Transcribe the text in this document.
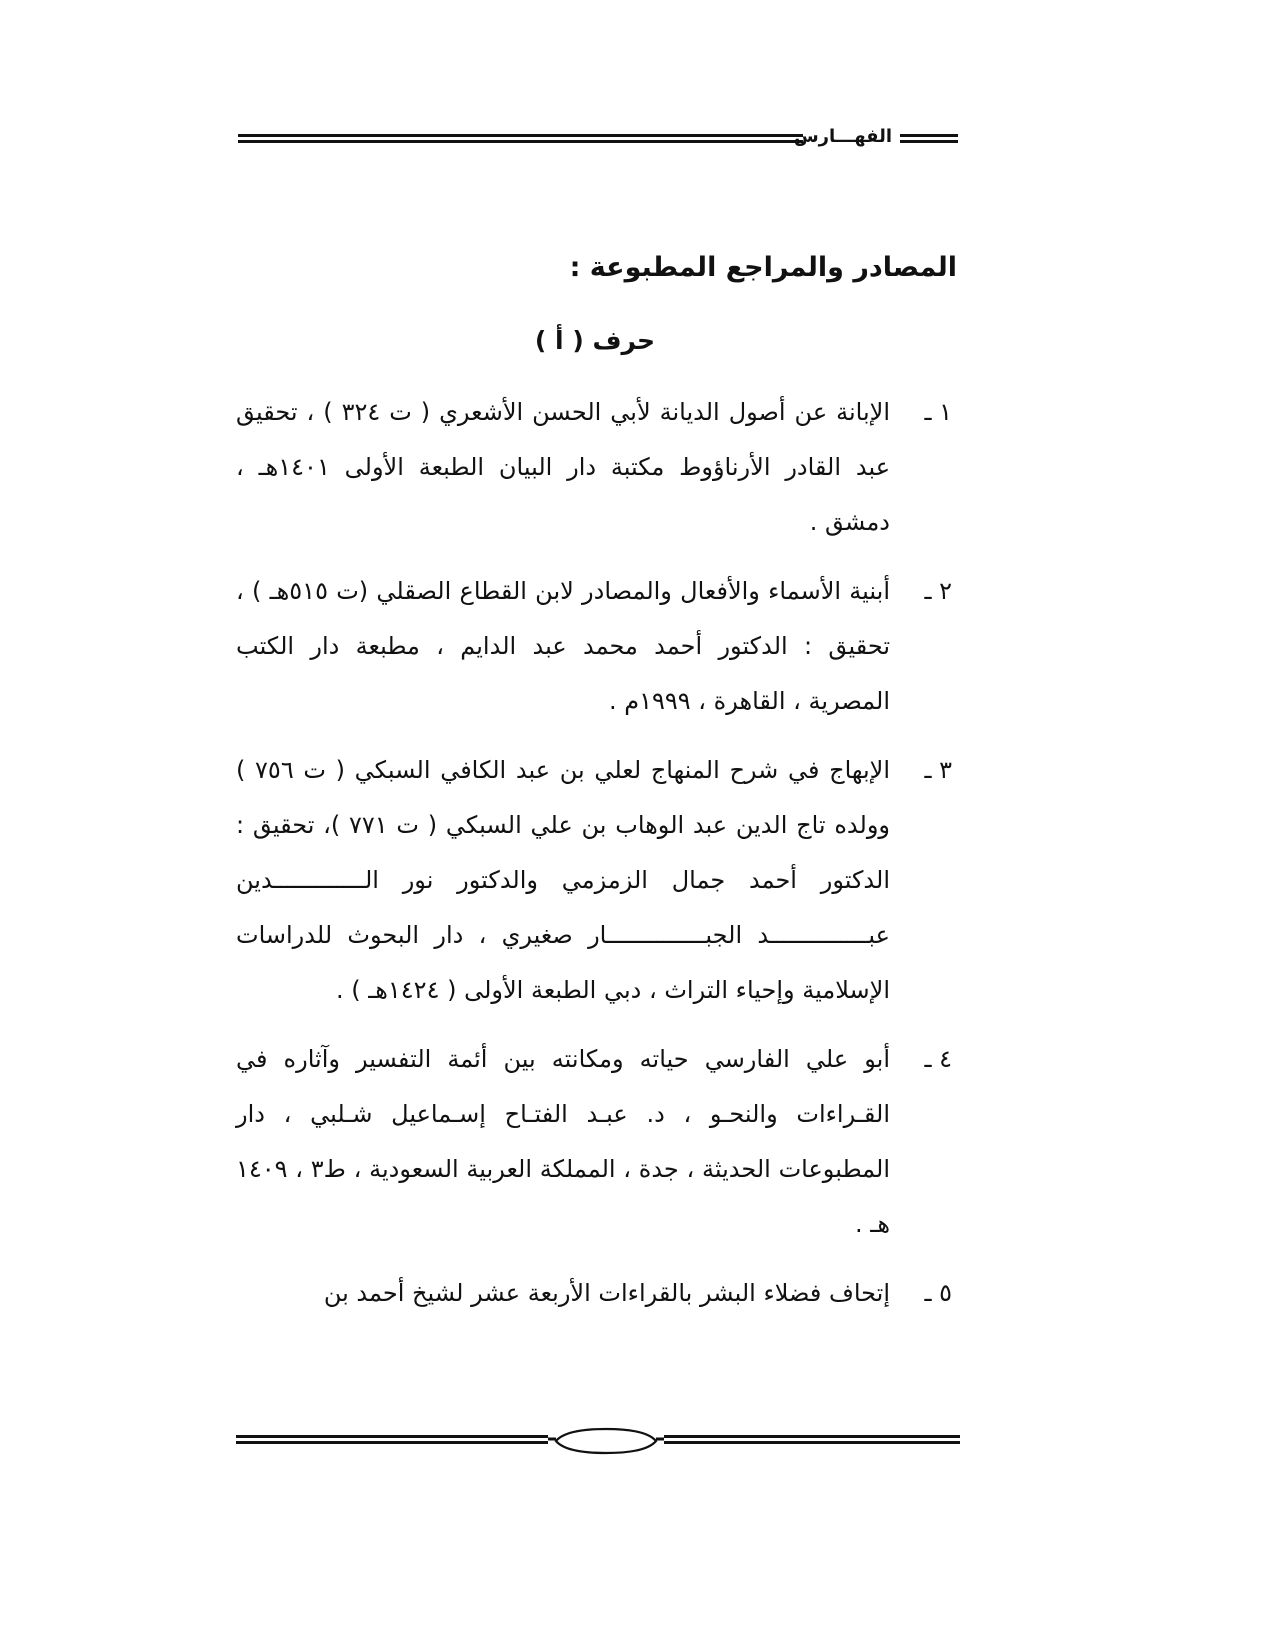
الفهـــارس
المصادر والمراجع المطبوعة :
حرف ( أ )
١ ـ
الإبانة عن أصول الديانة لأبي الحسن الأشعري ( ت ٣٢٤ ) ، تحقيق عبد القادر الأرناؤوط مكتبة دار البيان الطبعة الأولى ١٤٠١هـ ، دمشق .
٢ ـ
أبنية الأسماء والأفعال والمصادر لابن القطاع الصقلي (ت ٥١٥هـ ) ، تحقيق : الدكتور أحمد محمد عبد الدايم ، مطبعة دار الكتب المصرية ، القاهرة ، ١٩٩٩م .
٣ ـ
الإبهاج في شرح المنهاج لعلي بن عبد الكافي السبكي ( ت ٧٥٦ ) وولده تاج الدين عبد الوهاب بن علي السبكي ( ت ٧٧١ )، تحقيق : الدكتور أحمد جمال الزمزمي والدكتور نور الـــــــــــــدين عبــــــــــــــد الجبــــــــــــــار صغيري ، دار البحوث للدراسات الإسلامية وإحياء التراث ، دبي الطبعة الأولى ( ١٤٢٤هـ ) .
٤ ـ
أبو علي الفارسي حياته ومكانته بين أئمة التفسير وآثاره في القـراءات والنحـو ، د. عبـد الفتـاح إسـماعيل شـلبي ، دار المطبوعات الحديثة ، جدة ، المملكة العربية السعودية ، ط٣ ، ١٤٠٩ هـ .
٥ ـ
إتحاف فضلاء البشر بالقراءات الأربعة عشر لشيخ أحمد بن
